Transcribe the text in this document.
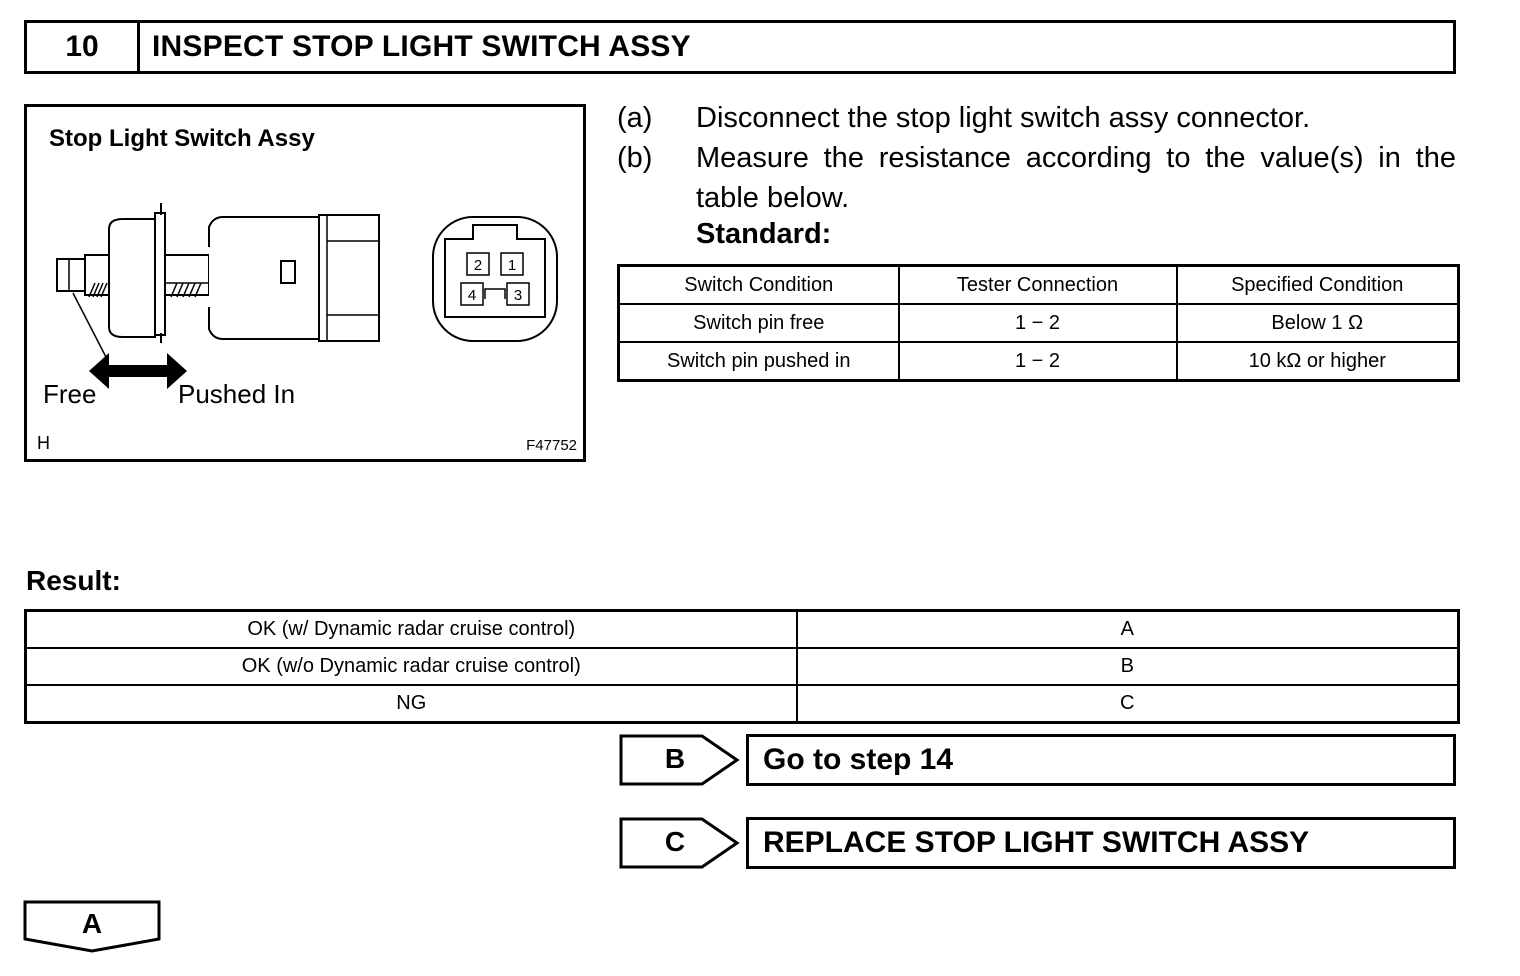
10	INSPECT STOP LIGHT SWITCH ASSY
2 1
4	3
Stop Light Switch Assy
Free	Pushed In
H	F47752
(a)	Disconnect the stop light switch assy connector.
(b)	Measure the resistance according to the value(s) in the table below.
Standard:
Switch Condition	Tester Connection	Specified Condition
Switch pin free	1 − 2	Below 1 Ω
Switch pin pushed in	1 − 2	10 kΩ or higher
Result:
OK (w/ Dynamic radar cruise control)	A
OK (w/o Dynamic radar cruise control)	B
NG	C
B	Go to step 14
C	REPLACE STOP LIGHT SWITCH ASSY
A
